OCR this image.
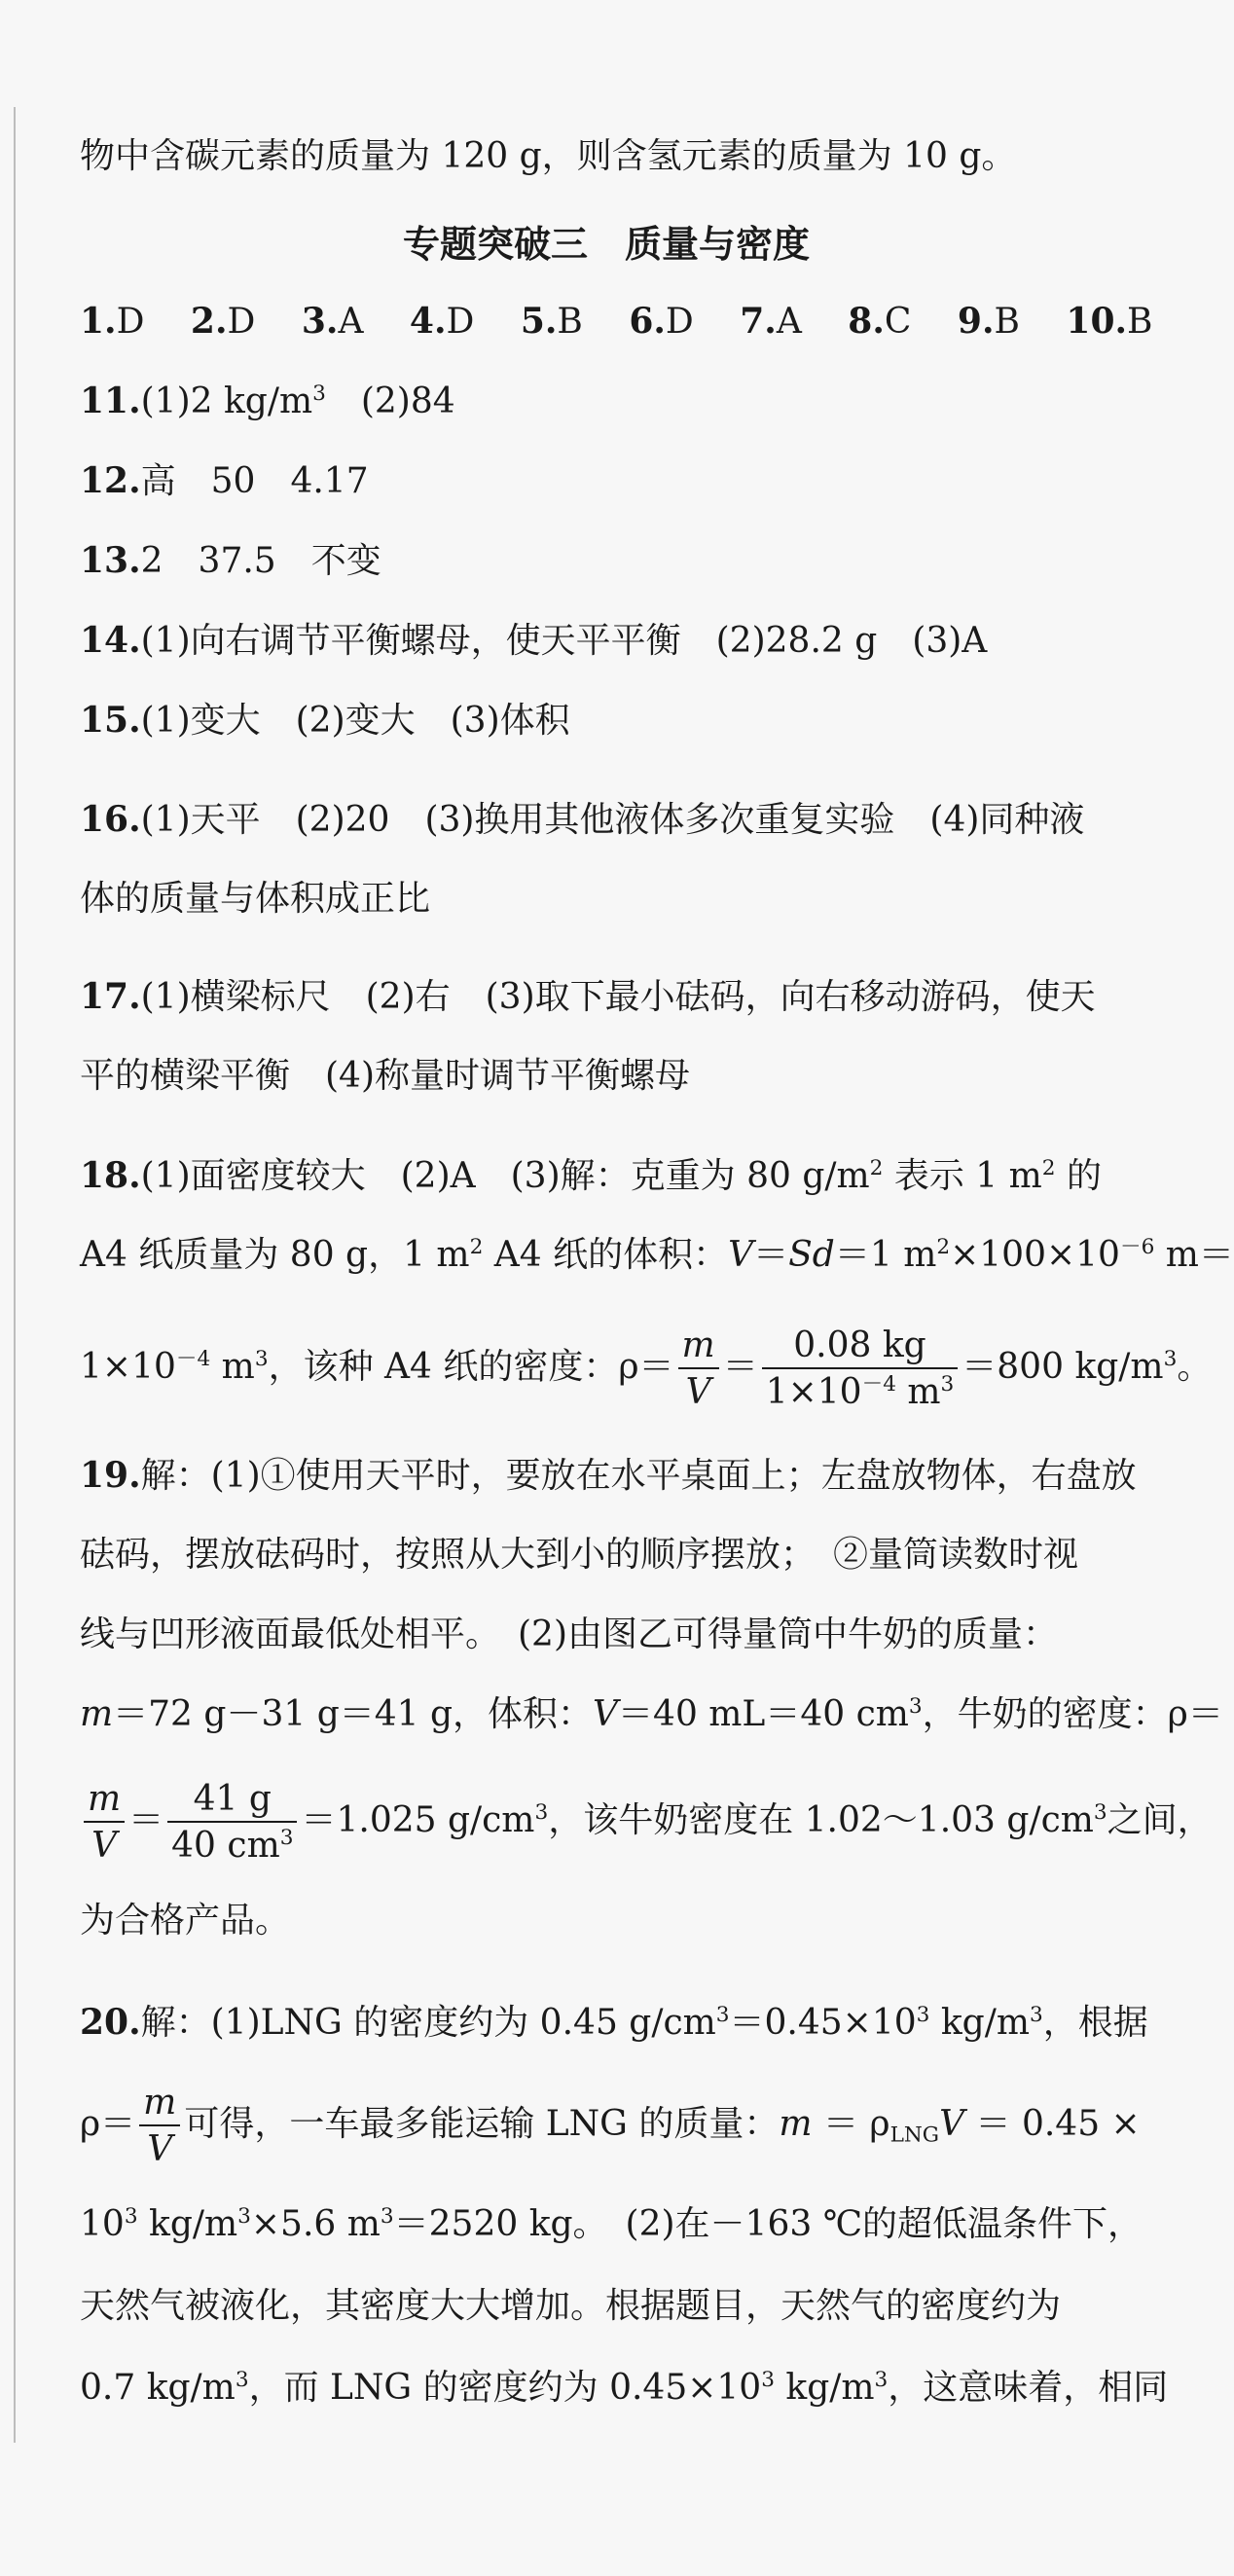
物中含碳元素的质量为 120 g，则含氢元素的质量为 10 g。
专题突破三　质量与密度
1.D 2.D 3.A 4.D 5.B 6.D 7.A 8.C 9.B 10.B
11.(1)2 $kg/m^3$　(2)84
12.高　50　4.17
13.2　37.5　不变
14.(1)向右调节平衡螺母，使天平平衡　(2)28.2 g　(3)A
15.(1)变大　(2)变大　(3)体积
16.(1)天平　(2)20　(3)换用其他液体多次重复实验　(4)同种液
体的质量与体积成正比
17.(1)横梁标尺　(2)右　(3)取下最小砝码，向右移动游码，使天
平的横梁平衡　(4)称量时调节平衡螺母
18.(1)面密度较大　(2)A　(3)解：克重为 80 $g/m^2$ 表示 1 $m^2$ 的
A4 纸质量为 80 g，1 $m^2$ A4 纸的体积：V＝Sd＝1 $m^2\times 100\times 10^{-6}$ m＝
$1\times 10^{-4}$ $m^3$，该种 A4 纸的密度：$\rho= \frac{m}{V} = \frac{0.08 kg}{1\times 10^{-4} m^3} =800$ $kg/m^3$。
19.解：(1)①使用天平时，要放在水平桌面上；左盘放物体，右盘放
砝码，摆放砝码时，按照从大到小的顺序摆放；　②量筒读数时视
线与凹形液面最低处相平。　(2)由图乙可得量筒中牛奶的质量：
m＝72 g－31 g＝41 g，体积：V＝40 mL＝40 $cm^3$，牛奶的密度：ρ＝
$\frac{m}{V} = \frac{41 g}{40 cm^3} =1.025$ $g/cm^3$，该牛奶密度在 1.02～1.03 $g/cm^3$之间，
为合格产品。
20.解：(1)LNG 的密度约为 0.45 $g/cm^3=0.45\times 10^3$ $kg/m^3$，根据
$\rho= \frac{m}{V}$ 可得，一车最多能运输 LNG 的质量：$m = \rho_{LNG}V = 0.45$ ×
$10^3$ $kg/m^3\times 5.6$ $m^3=2520$ kg。　(2)在－163 ℃的超低温条件下，
天然气被液化，其密度大大增加。根据题目，天然气的密度约为
0.7 $kg/m^3$，而 LNG 的密度约为 $0.45\times 10^3$ $kg/m^3$，这意味着，相同
